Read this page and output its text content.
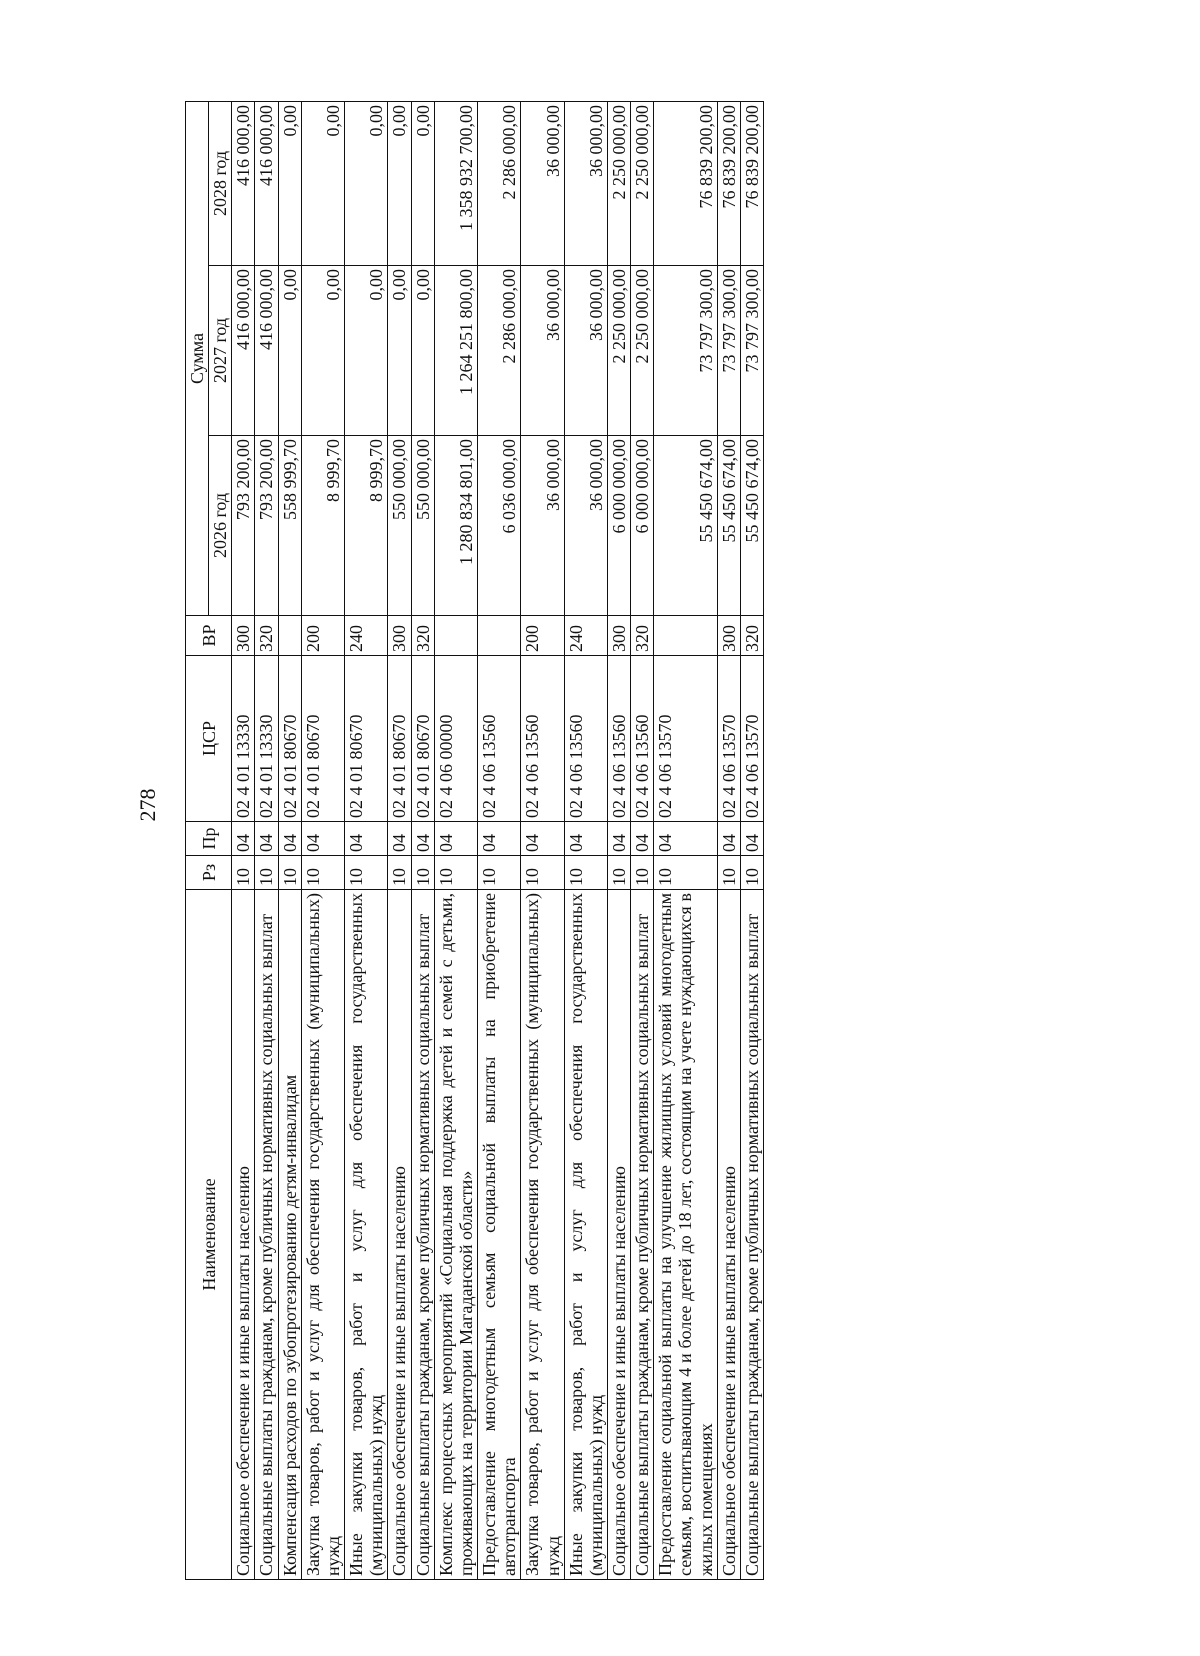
278
Наименование	Рз	Пр	ЦСР	ВР	Сумма		
					2026 год	2027 год	2028 год
Социальное обеспечение и иные выплаты населению	10	04	02 4 01 13330	300	793 200,00	416 000,00	416 000,00
Социальные выплаты гражданам, кроме публичных нормативных социальных выплат	10	04	02 4 01 13330	320	793 200,00	416 000,00	416 000,00
Компенсация расходов по зубопротезированию детям-инвалидам	10	04	02 4 01 80670		558 999,70	0,00	0,00
Закупка товаров, работ и услуг для обеспечения государственных (муниципальных) нужд	10	04	02 4 01 80670	200	8 999,70	0,00	0,00
Иные закупки товаров, работ и услуг для обеспечения государственных (муниципальных) нужд	10	04	02 4 01 80670	240	8 999,70	0,00	0,00
Социальное обеспечение и иные выплаты населению	10	04	02 4 01 80670	300	550 000,00	0,00	0,00
Социальные выплаты гражданам, кроме публичных нормативных социальных выплат	10	04	02 4 01 80670	320	550 000,00	0,00	0,00
Комплекс процессных мероприятий «Социальная поддержка детей и семей с детьми, проживающих на территории Магаданской области»	10	04	02 4 06 00000		1 280 834 801,00	1 264 251 800,00	1 358 932 700,00
Предоставление многодетным семьям социальной выплаты на приобретение автотранспорта	10	04	02 4 06 13560		6 036 000,00	2 286 000,00	2 286 000,00
Закупка товаров, работ и услуг для обеспечения государственных (муниципальных) нужд	10	04	02 4 06 13560	200	36 000,00	36 000,00	36 000,00
Иные закупки товаров, работ и услуг для обеспечения государственных (муниципальных) нужд	10	04	02 4 06 13560	240	36 000,00	36 000,00	36 000,00
Социальное обеспечение и иные выплаты населению	10	04	02 4 06 13560	300	6 000 000,00	2 250 000,00	2 250 000,00
Социальные выплаты гражданам, кроме публичных нормативных социальных выплат	10	04	02 4 06 13560	320	6 000 000,00	2 250 000,00	2 250 000,00
Предоставление социальной выплаты на улучшение жилищных условий многодетным семьям, воспитывающим 4 и более детей до 18 лет, состоящим на учете нуждающихся в жилых помещениях	10	04	02 4 06 13570		55 450 674,00	73 797 300,00	76 839 200,00
Социальное обеспечение и иные выплаты населению	10	04	02 4 06 13570	300	55 450 674,00	73 797 300,00	76 839 200,00
Социальные выплаты гражданам, кроме публичных нормативных социальных выплат	10	04	02 4 06 13570	320	55 450 674,00	73 797 300,00	76 839 200,00
